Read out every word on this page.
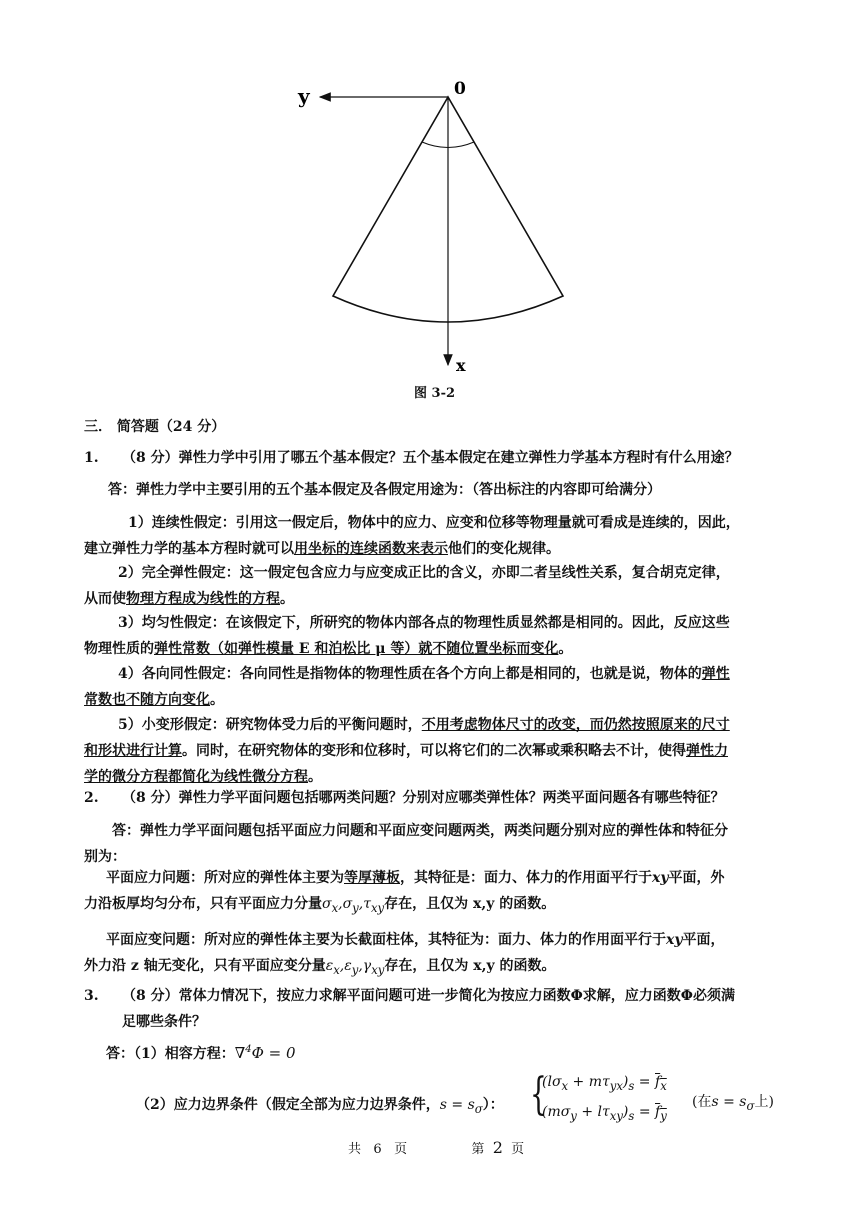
y	0
x
图 3-2
三． 简答题（24 分）
1. （8 分）弹性力学中引用了哪五个基本假定？五个基本假定在建立弹性力学基本方程时有什么用途？
答：弹性力学中主要引用的五个基本假定及各假定用途为：（答出标注的内容即可给满分）
1）连续性假定：引用这一假定后，物体中的应力、应变和位移等物理量就可看成是连续的，因此，
建立弹性力学的基本方程时就可以用坐标的连续函数来表示他们的变化规律。
2）完全弹性假定：这一假定包含应力与应变成正比的含义，亦即二者呈线性关系，复合胡克定律，
从而使物理方程成为线性的方程。
3）均匀性假定：在该假定下，所研究的物体内部各点的物理性质显然都是相同的。因此，反应这些
物理性质的弹性常数（如弹性模量 E 和泊松比 μ 等）就不随位置坐标而变化。
4）各向同性假定：各向同性是指物体的物理性质在各个方向上都是相同的，也就是说，物体的弹性
常数也不随方向变化。
5）小变形假定：研究物体受力后的平衡问题时，不用考虑物体尺寸的改变，而仍然按照原来的尺寸
和形状进行计算。同时，在研究物体的变形和位移时，可以将它们的二次幂或乘积略去不计，使得弹性力
学的微分方程都简化为线性微分方程。
2. （8 分）弹性力学平面问题包括哪两类问题？分别对应哪类弹性体？两类平面问题各有哪些特征？
答：弹性力学平面问题包括平面应力问题和平面应变问题两类，两类问题分别对应的弹性体和特征分
别为：
平面应力问题：所对应的弹性体主要为等厚薄板，其特征是：面力、体力的作用面平行于xy平面，外
力沿板厚均匀分布，只有平面应力分量$\sigma_x,\sigma_y,\tau_{xy}$存在，且仅为 x,y 的函数。
平面应变问题：所对应的弹性体主要为长截面柱体，其特征为：面力、体力的作用面平行于xy平面，
外力沿 z 轴无变化，只有平面应变分量$\varepsilon_x,\varepsilon_y,\gamma_{xy}$存在，且仅为 x,y 的函数。
3. （8 分）常体力情况下，按应力求解平面问题可进一步简化为按应力函数Φ求解，应力函数Φ必须满
足哪些条件？
答：（1）相容方程：∇$^4$Φ = 0
（2）应力边界条件（假定全部为应力边界条件，$s = s_\sigma$）： {
$(l\sigma_x + m\tau_{yx})_s = f_x$
$(m\sigma_y + l\tau_{xy})_s = f_y$
(在$s = s_\sigma$上)
共 6 页	第 2 页
